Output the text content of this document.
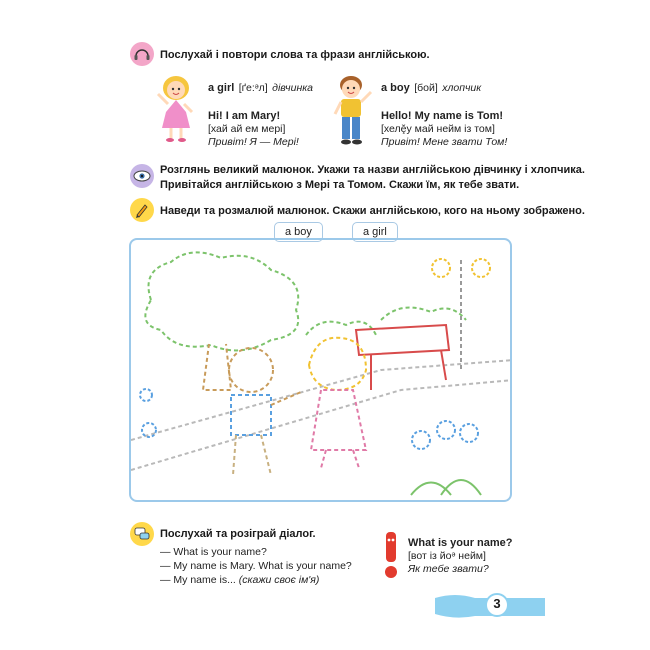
Послухай і повтори слова та фрази англійською.
a girl [ґе:ᵊл] дівчинка
Hi! I am Mary!
[хай ай ем мері]
Привіт! Я — Мері!
a boy [бой] хлопчик
Hello! My name is Tom!
[хелḝу май нейм із том]
Привіт! Мене звати Том!
Розглянь великий малюнок. Укажи та назви англійською дівчинку і хлопчика.
Привітайся англійською з Мері та Томом. Скажи їм, як тебе звати.
Наведи та розмалюй малюнок. Скажи англійською, кого на ньому зображено.
a boy	a girl
Послухай та розіграй діалог.
— What is your name?
— My name is Mary. What is your name?
— My name is... (скажи своє ім'я)
What is your name?
[вот із йоᵊ нейм]
Як тебе звати?
3
